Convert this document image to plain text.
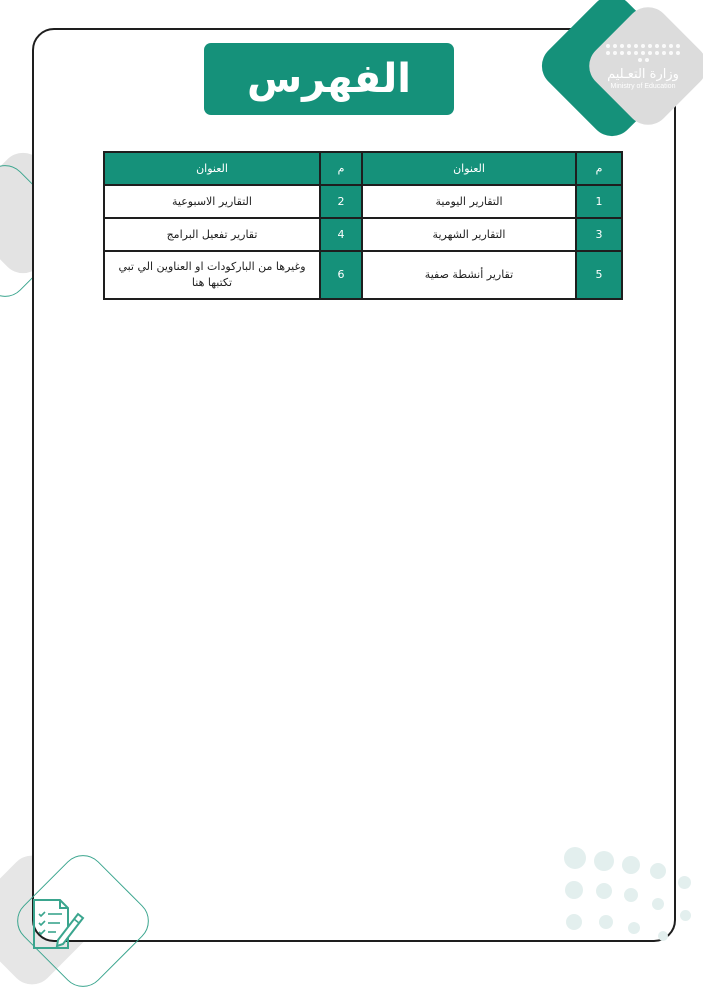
وزارة التعـليم
Ministry of Education
الفهرس
م	العنوان	م	العنوان
1	التقارير اليومية	2	التقارير الاسبوعية
3	التقارير الشهرية	4	تقارير تفعيل البرامج
5	تقارير أنشطة صفية	6	وغيرها من الباركودات او العناوين الي تبي تكتبها هنا
